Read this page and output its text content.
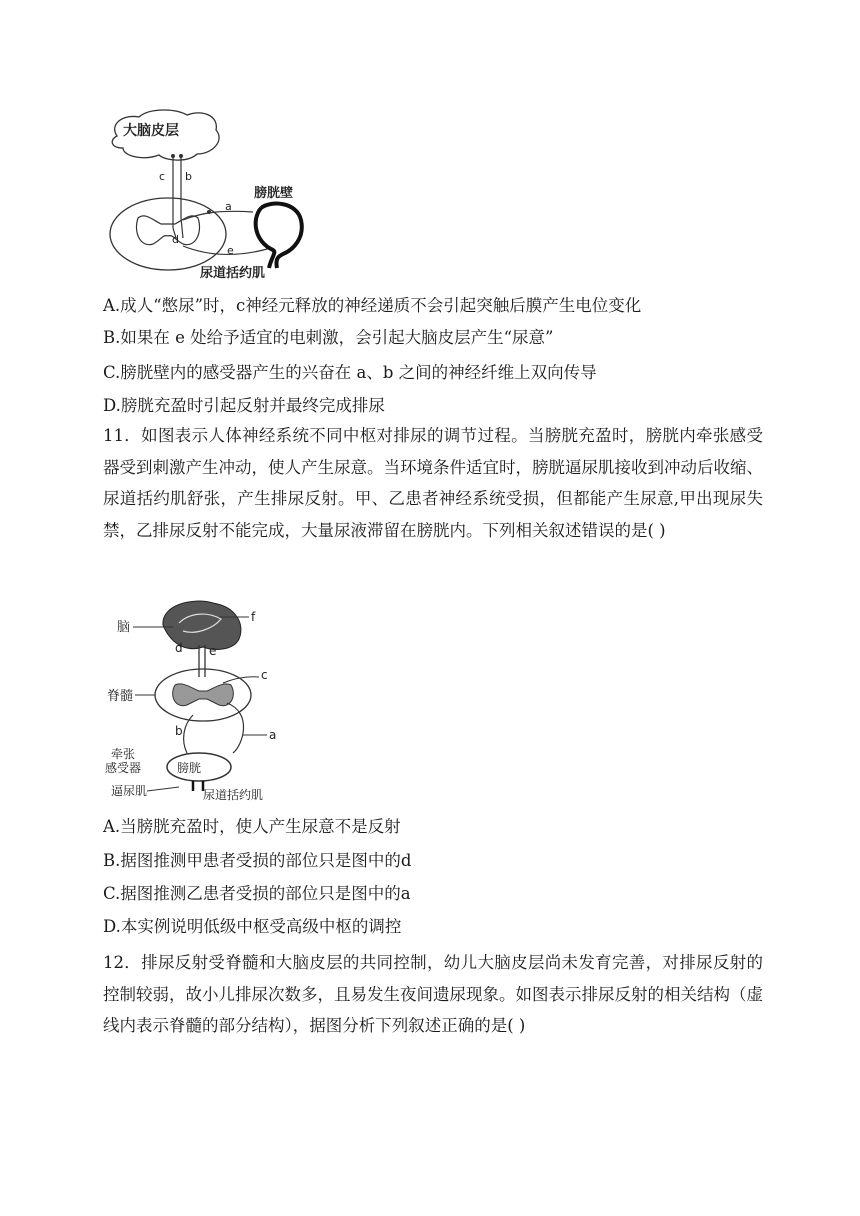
大脑皮层
c b
a
d
e
膀胱壁
尿道括约肌
A.成人“憋尿”时，c神经元释放的神经递质不会引起突触后膜产生电位变化
B.如果在 e 处给予适宜的电刺激，会引起大脑皮层产生“尿意”
C.膀胱壁内的感受器产生的兴奋在 a、b 之间的神经纤维上双向传导
D.膀胱充盈时引起反射并最终完成排尿
11．如图表示人体神经系统不同中枢对排尿的调节过程。当膀胱充盈时，膀胱内牵张感受器受到刺激产生冲动，使人产生尿意。当环境条件适宜时，膀胱逼尿肌接收到冲动后收缩、尿道括约肌舒张，产生排尿反射。甲、乙患者神经系统受损，但都能产生尿意,甲出现尿失禁，乙排尿反射不能完成，大量尿液滞留在膀胱内。下列相关叙述错误的是( )
脑
f
d e
脊髓
c
a
b
膀胱
牵张
感受器
逼尿肌	尿道括约肌
A.当膀胱充盈时，使人产生尿意不是反射
B.据图推测甲患者受损的部位只是图中的d
C.据图推测乙患者受损的部位只是图中的a
D.本实例说明低级中枢受高级中枢的调控
12．排尿反射受脊髓和大脑皮层的共同控制，幼儿大脑皮层尚未发育完善，对排尿反射的控制较弱，故小儿排尿次数多，且易发生夜间遗尿现象。如图表示排尿反射的相关结构（虚线内表示脊髓的部分结构），据图分析下列叙述正确的是( )
